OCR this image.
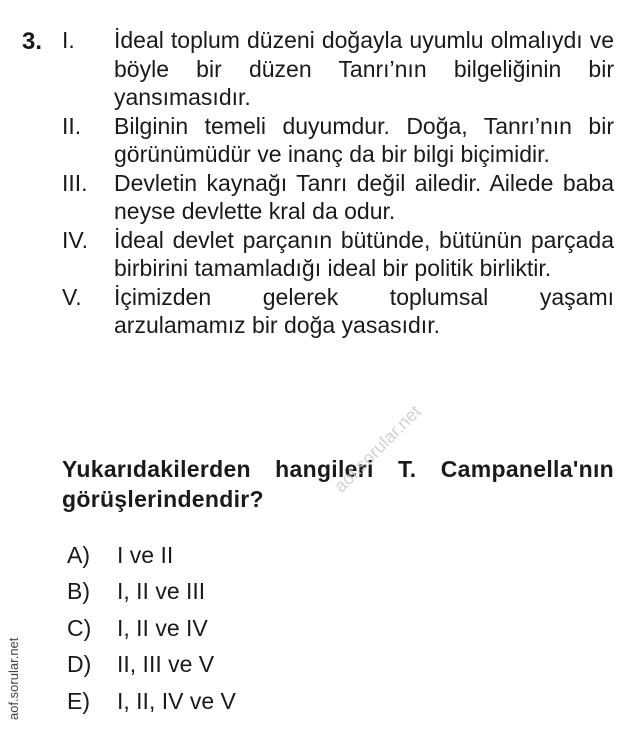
3. I.	İdeal toplum düzeni doğayla uyumlu olmalıydı ve böyle bir düzen Tanrı’nın bilgeliğinin bir yansımasıdır.
II.	Bilginin temeli duyumdur. Doğa, Tanrı’nın bir görünümüdür ve inanç da bir bilgi biçimidir.
III.	Devletin kaynağı Tanrı değil ailedir. Ailede baba neyse devlette kral da odur.
IV.	İdeal devlet parçanın bütünde, bütünün parçada birbirini tamamladığı ideal bir politik birliktir.
V.	İçimizden gelerek toplumsal yaşamı arzulamamız bir doğa yasasıdır.
Yukarıdakilerden hangileri T. Campanella'nın görüşlerindendir?
A)	I ve II
B)	I, II ve III
C)	I, II ve IV
D)	II, III ve V
E)	I, II, IV ve V
aof.sorular.net
aof.sorular.net
